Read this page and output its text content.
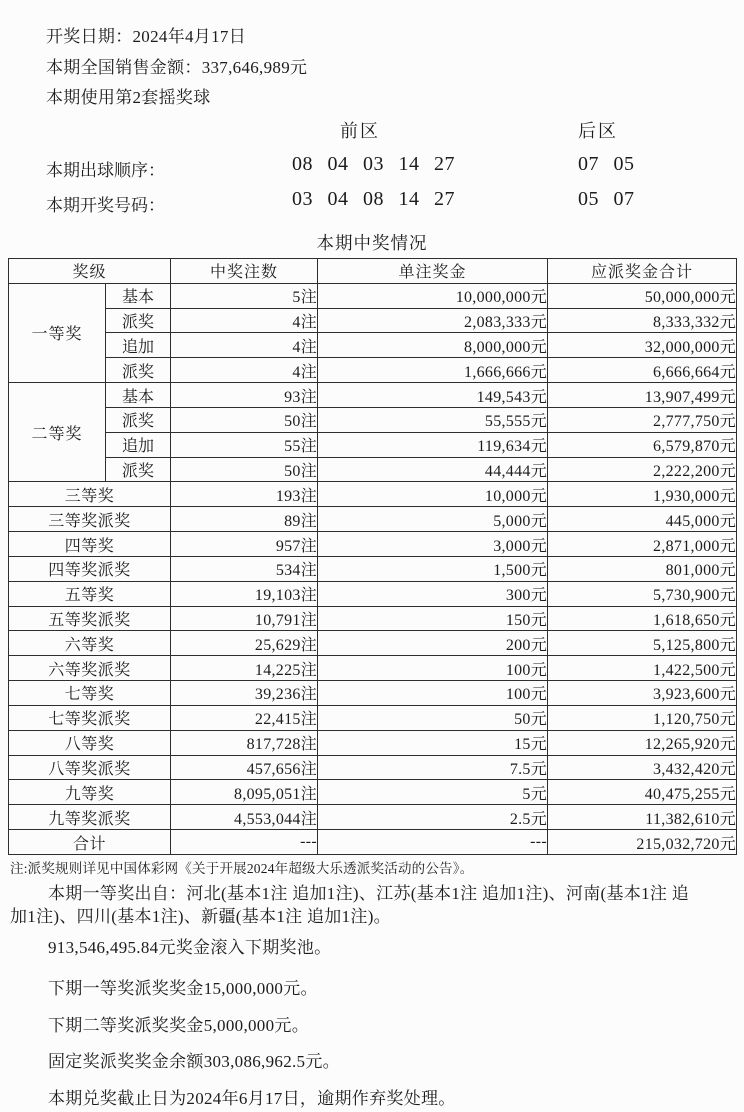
开奖日期：2024年4月17日
本期全国销售金额：337,646,989元
本期使用第2套摇奖球
前区	后区
本期出球顺序：	08 04 03 14 27	07 05
本期开奖号码：	03 04 08 14 27	05 07
本期中奖情况
奖级		中奖注数	单注奖金	应派奖金合计
一等奖	基本	5注	10,000,000元	50,000,000元
	派奖	4注	2,083,333元	8,333,332元
	追加	4注	8,000,000元	32,000,000元
	派奖	4注	1,666,666元	6,666,664元
二等奖	基本	93注	149,543元	13,907,499元
	派奖	50注	55,555元	2,777,750元
	追加	55注	119,634元	6,579,870元
	派奖	50注	44,444元	2,222,200元
三等奖		193注	10,000元	1,930,000元
三等奖派奖		89注	5,000元	445,000元
四等奖		957注	3,000元	2,871,000元
四等奖派奖		534注	1,500元	801,000元
五等奖		19,103注	300元	5,730,900元
五等奖派奖		10,791注	150元	1,618,650元
六等奖		25,629注	200元	5,125,800元
六等奖派奖		14,225注	100元	1,422,500元
七等奖		39,236注	100元	3,923,600元
七等奖派奖		22,415注	50元	1,120,750元
八等奖		817,728注	15元	12,265,920元
八等奖派奖		457,656注	7.5元	3,432,420元
九等奖		8,095,051注	5元	40,475,255元
九等奖派奖		4,553,044注	2.5元	11,382,610元
合计		---	---	215,032,720元
注:派奖规则详见中国体彩网《关于开展2024年超级大乐透派奖活动的公告》。
本期一等奖出自：河北(基本1注 追加1注)、江苏(基本1注 追加1注)、河南(基本1注 追
加1注)、四川(基本1注)、新疆(基本1注 追加1注)。
913,546,495.84元奖金滚入下期奖池。
下期一等奖派奖奖金15,000,000元。
下期二等奖派奖奖金5,000,000元。
固定奖派奖奖金余额303,086,962.5元。
本期兑奖截止日为2024年6月17日，逾期作弃奖处理。
